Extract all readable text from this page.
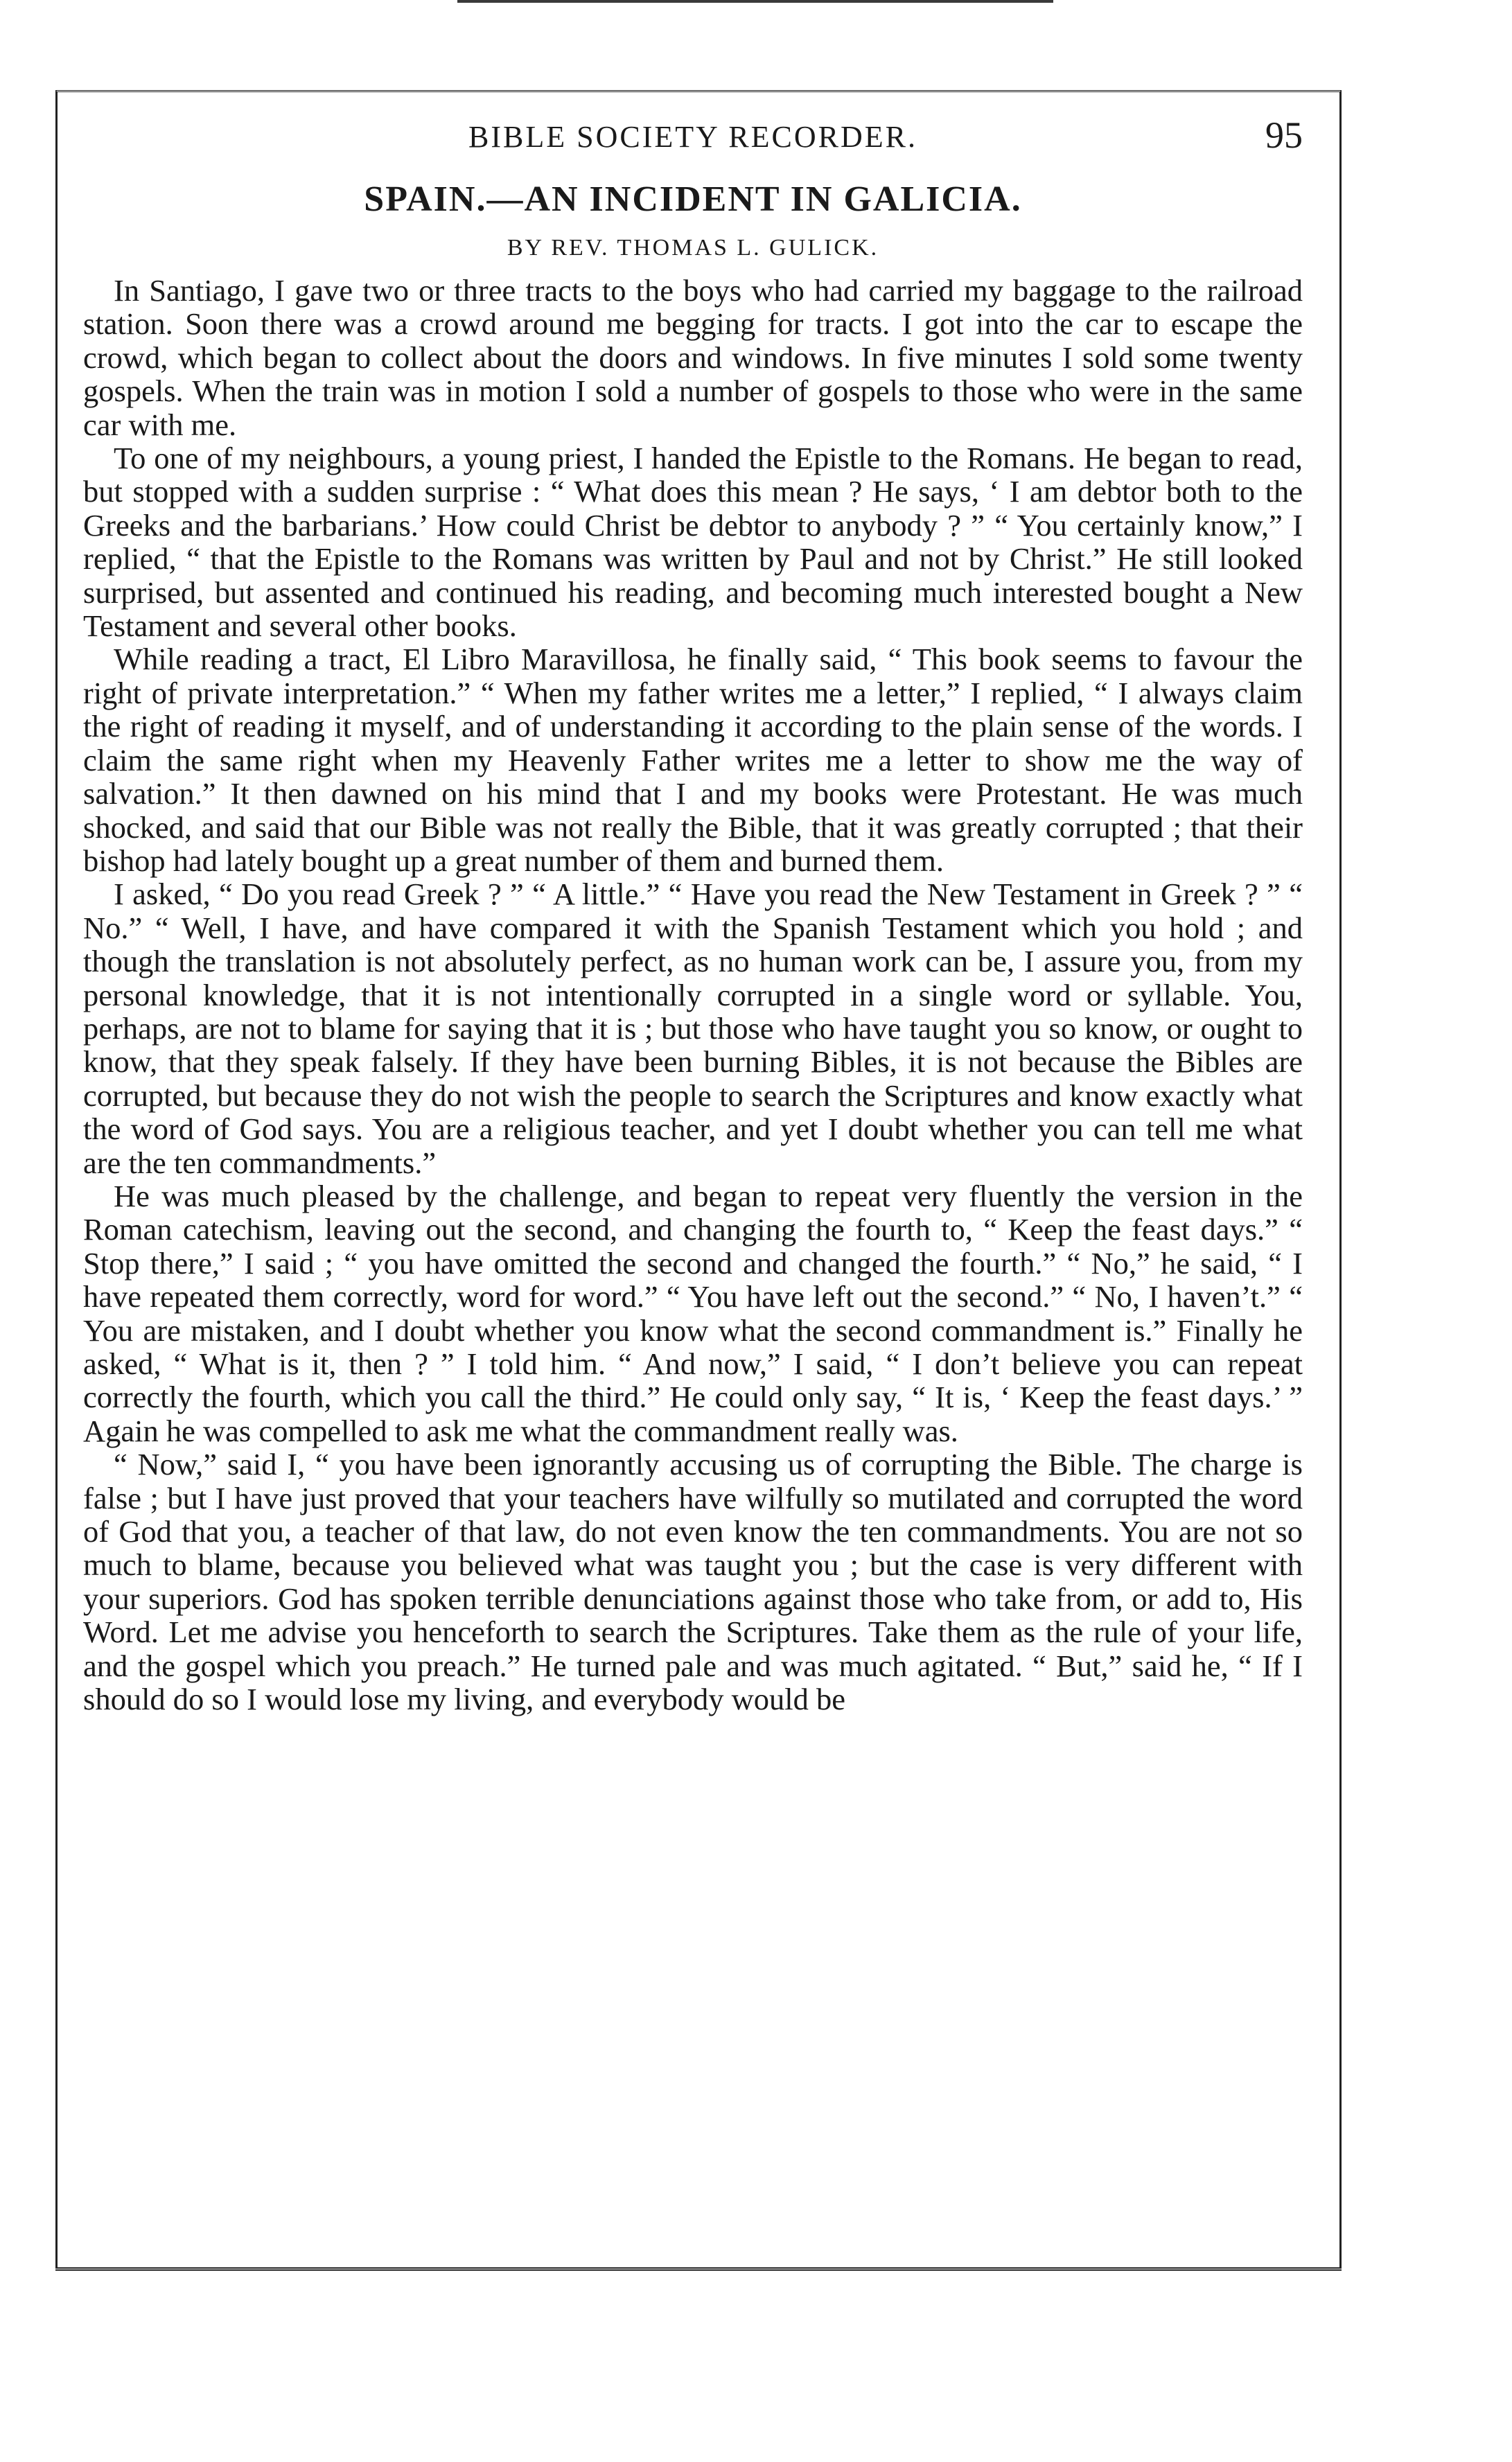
BIBLE SOCIETY RECORDER.	95
SPAIN.—AN INCIDENT IN GALICIA.
BY REV. THOMAS L. GULICK.

In Santiago, I gave two or three tracts to the boys who had carried my baggage to the railroad station. Soon there was a crowd around me begging for tracts. I got into the car to escape the crowd, which began to collect about the doors and windows. In five minutes I sold some twenty gospels. When the train was in motion I sold a number of gospels to those who were in the same car with me.

To one of my neighbours, a young priest, I handed the Epistle to the Romans. He began to read, but stopped with a sudden surprise : “ What does this mean ? He says, ‘ I am debtor both to the Greeks and the barbarians.’ How could Christ be debtor to anybody ? ” “ You certainly know,” I replied, “ that the Epistle to the Romans was written by Paul and not by Christ.” He still looked surprised, but assented and continued his reading, and becoming much interested bought a New Testament and several other books.

While reading a tract, El Libro Maravillosa, he finally said, “ This book seems to favour the right of private interpretation.” “ When my father writes me a letter,” I replied, “ I always claim the right of reading it myself, and of understanding it according to the plain sense of the words. I claim the same right when my Heavenly Father writes me a letter to show me the way of salvation.” It then dawned on his mind that I and my books were Protestant. He was much shocked, and said that our Bible was not really the Bible, that it was greatly corrupted ; that their bishop had lately bought up a great number of them and burned them.

I asked, “ Do you read Greek ? ” “ A little.” “ Have you read the New Testament in Greek ? ” “ No.” “ Well, I have, and have compared it with the Spanish Testament which you hold ; and though the translation is not absolutely perfect, as no human work can be, I assure you, from my personal knowledge, that it is not intentionally corrupted in a single word or syllable. You, perhaps, are not to blame for saying that it is ; but those who have taught you so know, or ought to know, that they speak falsely. If they have been burning Bibles, it is not because the Bibles are corrupted, but because they do not wish the people to search the Scriptures and know exactly what the word of God says. You are a religious teacher, and yet I doubt whether you can tell me what are the ten commandments.”

He was much pleased by the challenge, and began to repeat very fluently the version in the Roman catechism, leaving out the second, and changing the fourth to, “ Keep the feast days.” “ Stop there,” I said ; “ you have omitted the second and changed the fourth.” “ No,” he said, “ I have repeated them correctly, word for word.” “ You have left out the second.” “ No, I haven’t.” “ You are mistaken, and I doubt whether you know what the second commandment is.” Finally he asked, “ What is it, then ? ” I told him. “ And now,” I said, “ I don’t believe you can repeat correctly the fourth, which you call the third.” He could only say, “ It is, ‘ Keep the feast days.’ ” Again he was compelled to ask me what the commandment really was.

“ Now,” said I, “ you have been ignorantly accusing us of corrupting the Bible. The charge is false ; but I have just proved that your teachers have wilfully so mutilated and corrupted the word of God that you, a teacher of that law, do not even know the ten commandments. You are not so much to blame, because you believed what was taught you ; but the case is very different with your superiors. God has spoken terrible denunciations against those who take from, or add to, His Word. Let me advise you henceforth to search the Scriptures. Take them as the rule of your life, and the gospel which you preach.” He turned pale and was much agitated. “ But,” said he, “ If I should do so I would lose my living, and everybody would be
